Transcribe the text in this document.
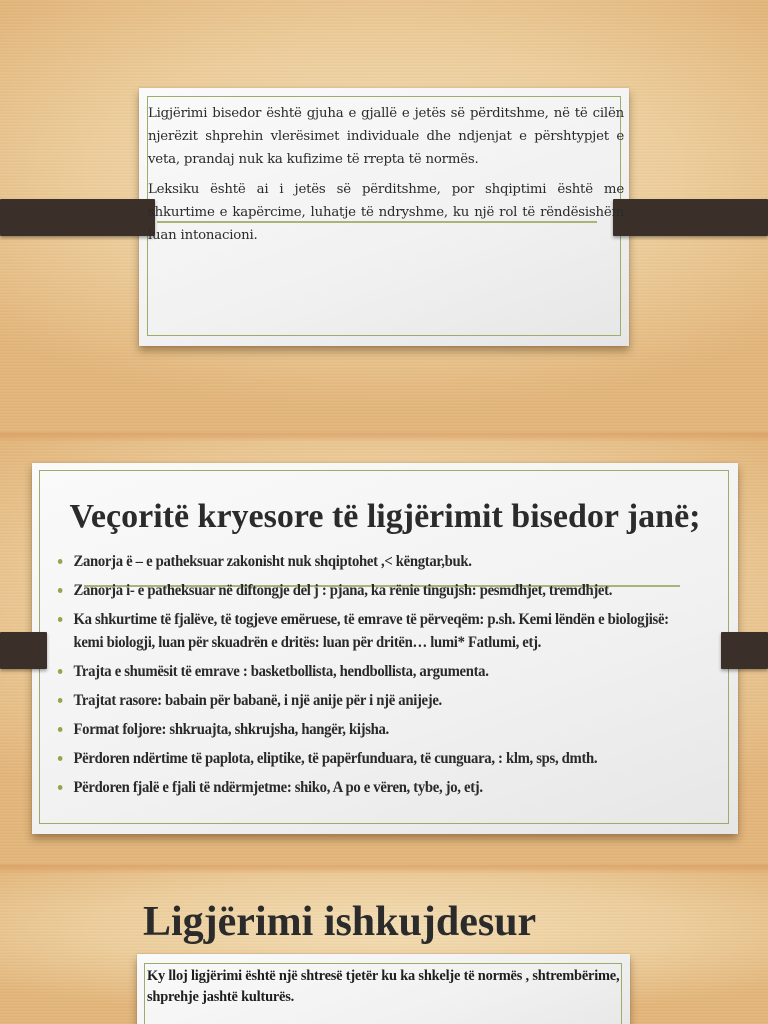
Ligjërimi bisedor është gjuha e gjallë e jetës së përditshme, në të cilën njerëzit shprehin vlerësimet individuale dhe ndjenjat e përshtypjet e veta, prandaj nuk ka kufizime të rrepta të normës.

Leksiku është ai i jetës së përditshme, por shqiptimi është me shkurtime e kapërcime, luhatje të ndryshme, ku një rol të rëndësishëm luan intonacioni.

Veçoritë kryesore të ligjërimit bisedor janë;
Zanorja ë – e patheksuar zakonisht nuk shqiptohet ,< këngtar,buk.
Zanorja i- e patheksuar në diftongje del j : pjana, ka rënie tingujsh: pesmdhjet, tremdhjet.
Ka shkurtime të fjalëve, të togjeve emëruese, të emrave të përveqëm: p.sh. Kemi lëndën e biologjisë: kemi biologji, luan për skuadrën e dritës: luan për dritën… lumi* Fatlumi, etj.
Trajta e shumësit të emrave : basketbollista, hendbollista, argumenta.
Trajtat rasore: babain për babanë, i një anije për i një anijeje.
Format foljore: shkruajta, shkrujsha, hangër, kijsha.
Përdoren ndërtime të paplota, eliptike, të papërfunduara, të cunguara, : klm, sps, dmth.
Përdoren fjalë e fjali të ndërmjetme: shiko, A po e vëren, tybe, jo, etj.
Ligjërimi ishkujdesur

Ky lloj ligjërimi është një shtresë tjetër ku ka shkelje të normës , shtrembërime, shprehje jashtë kulturës.
